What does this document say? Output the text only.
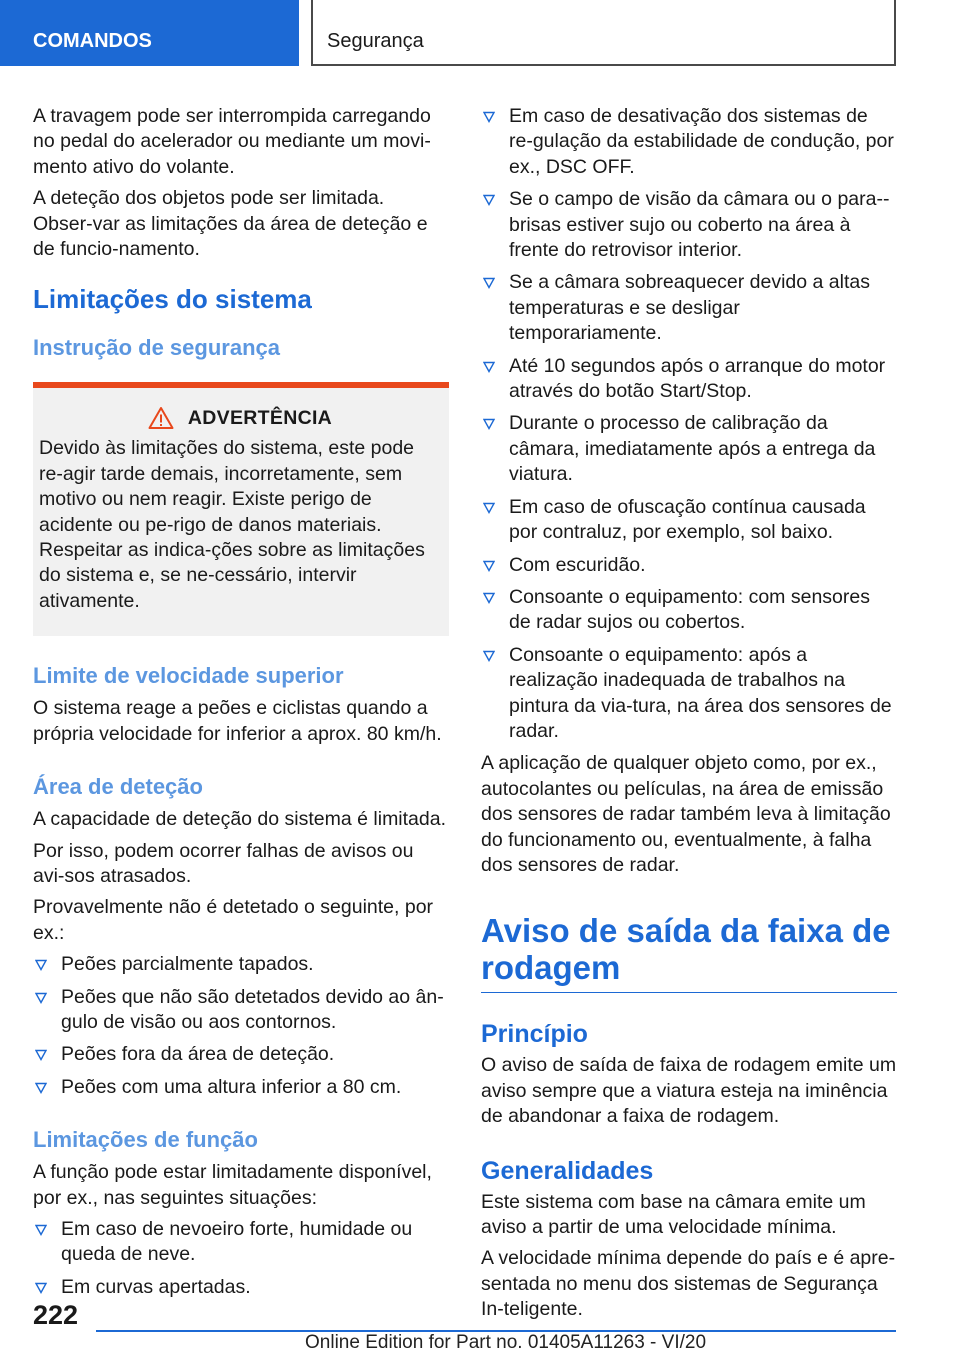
COMANDOS	Segurança

A travagem pode ser interrompida carregando no pedal do acelerador ou mediante um movi-mento ativo do volante.

A deteção dos objetos pode ser limitada. Obser-var as limitações da área de deteção e de funcio-namento.

Limitações do sistema
Instrução de segurança
ADVERTÊNCIA

Devido às limitações do sistema, este pode re-agir tarde demais, incorretamente, sem motivo ou nem reagir. Existe perigo de acidente ou pe-rigo de danos materiais. Respeitar as indica-ções sobre as limitações do sistema e, se ne-cessário, intervir ativamente.

Limite de velocidade superior

O sistema reage a peões e ciclistas quando a própria velocidade for inferior a aprox. 80 km/h.

Área de deteção

A capacidade de deteção do sistema é limitada.

Por isso, podem ocorrer falhas de avisos ou avi-sos atrasados.

Provavelmente não é detetado o seguinte, por ex.:

Peões parcialmente tapados.
Peões que não são detetados devido ao ân-gulo de visão ou aos contornos.
Peões fora da área de deteção.
Peões com uma altura inferior a 80 cm.
Limitações de função

A função pode estar limitadamente disponível, por ex., nas seguintes situações:

Em caso de nevoeiro forte, humidade ou queda de neve.
Em curvas apertadas.
Em caso de desativação dos sistemas de re-gulação da estabilidade de condução, por ex., DSC OFF.
Se o campo de visão da câmara ou o para--brisas estiver sujo ou coberto na área à frente do retrovisor interior.
Se a câmara sobreaquecer devido a altas temperaturas e se desligar temporariamente.
Até 10 segundos após o arranque do motor através do botão Start/Stop.
Durante o processo de calibração da câmara, imediatamente após a entrega da viatura.
Em caso de ofuscação contínua causada por contraluz, por exemplo, sol baixo.
Com escuridão.
Consoante o equipamento: com sensores de radar sujos ou cobertos.
Consoante o equipamento: após a realização inadequada de trabalhos na pintura da via-tura, na área dos sensores de radar.

A aplicação de qualquer objeto como, por ex., autocolantes ou películas, na área de emissão dos sensores de radar também leva à limitação do funcionamento ou, eventualmente, à falha dos sensores de radar.

Aviso de saída da faixa de rodagem
Princípio

O aviso de saída de faixa de rodagem emite um aviso sempre que a viatura esteja na iminência de abandonar a faixa de rodagem.

Generalidades

Este sistema com base na câmara emite um aviso a partir de uma velocidade mínima.

A velocidade mínima depende do país e é apre-sentada no menu dos sistemas de Segurança In-teligente.

222
Online Edition for Part no. 01405A11263 - VI/20
